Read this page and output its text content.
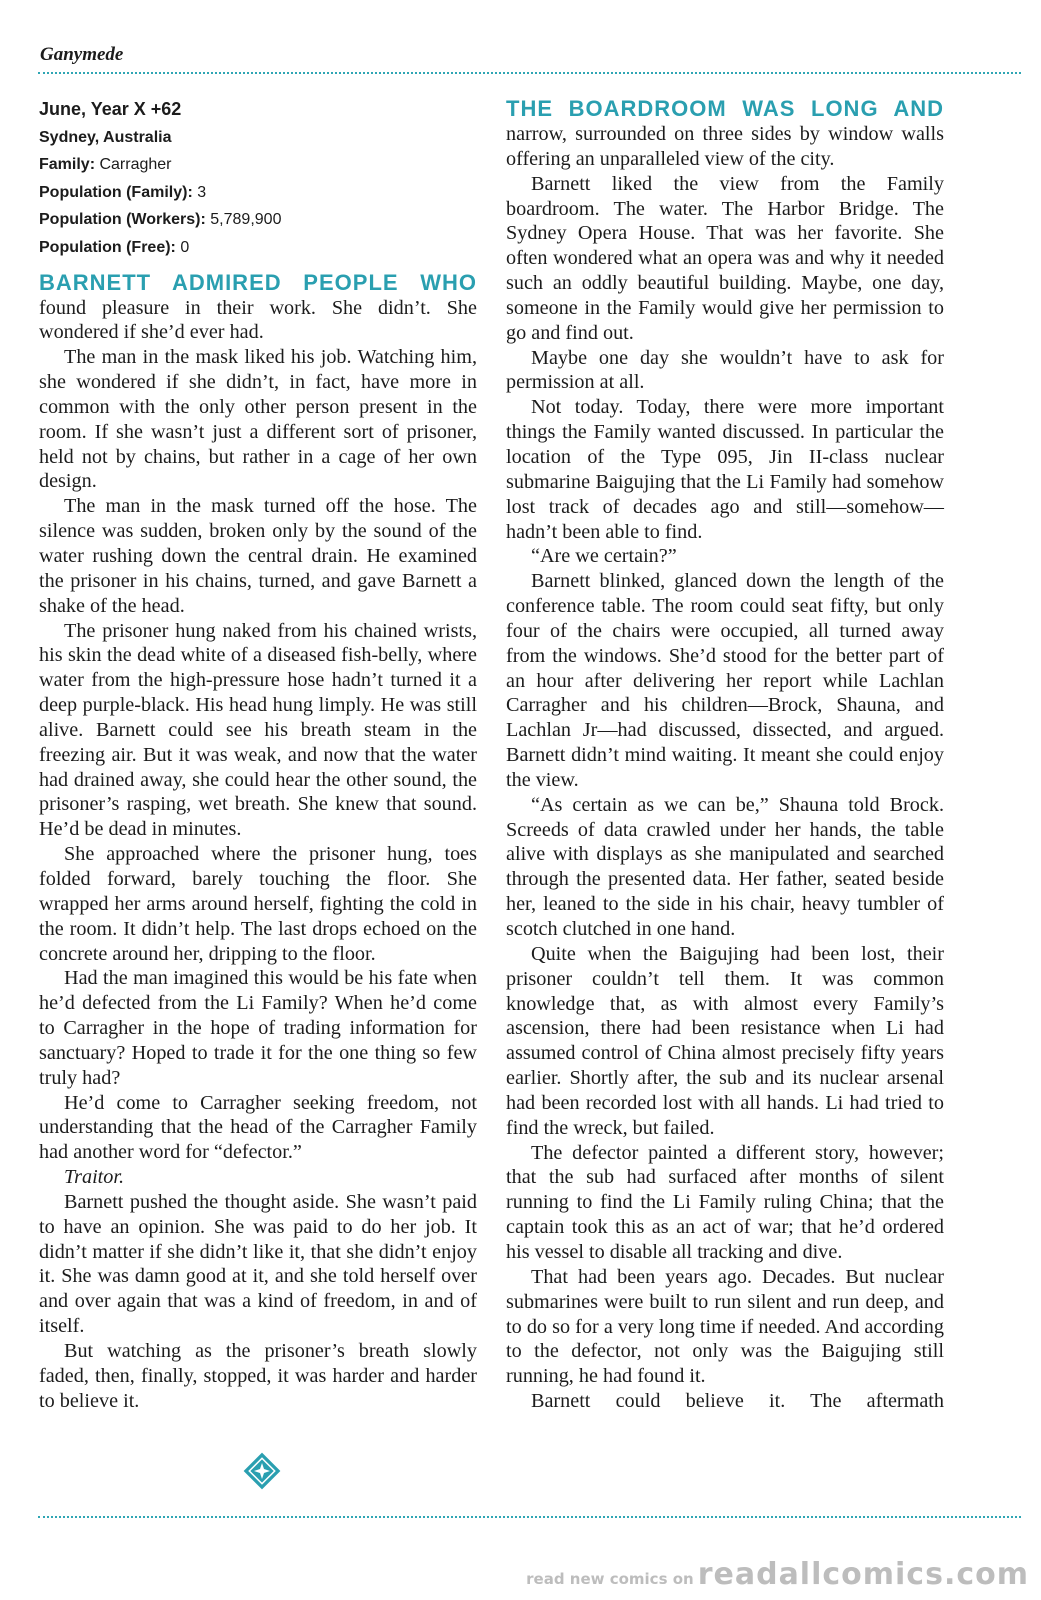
Ganymede
June, Year X +62
Sydney, Australia
Family: Carragher
Population (Family): 3
Population (Workers): 5,789,900
Population (Free): 0
BARNETT ADMIRED PEOPLE WHO

found pleasure in their work. She didn’t. She wondered if she’d ever had.

The man in the mask liked his job. Watching him, she wondered if she didn’t, in fact, have more in common with the only other person present in the room. If she wasn’t just a different sort of prisoner, held not by chains, but rather in a cage of her own design.

The man in the mask turned off the hose. The silence was sudden, broken only by the sound of the water rushing down the central drain. He examined the prisoner in his chains, turned, and gave Barnett a shake of the head.

The prisoner hung naked from his chained wrists, his skin the dead white of a diseased fish-belly, where water from the high-pressure hose hadn’t turned it a deep purple-black. His head hung limply. He was still alive. Barnett could see his breath steam in the freezing air. But it was weak, and now that the water had drained away, she could hear the other sound, the prisoner’s rasping, wet breath. She knew that sound. He’d be dead in minutes.

She approached where the prisoner hung, toes folded forward, barely touching the floor. She wrapped her arms around herself, fighting the cold in the room. It didn’t help. The last drops echoed on the concrete around her, dripping to the floor.

Had the man imagined this would be his fate when he’d defected from the Li Family? When he’d come to Carragher in the hope of trading information for sanctuary? Hoped to trade it for the one thing so few truly had?

He’d come to Carragher seeking freedom, not understanding that the head of the Carragher Family had another word for “defector.”

Traitor.

Barnett pushed the thought aside. She wasn’t paid to have an opinion. She was paid to do her job. It didn’t matter if she didn’t like it, that she didn’t enjoy it. She was damn good at it, and she told herself over and over again that was a kind of freedom, in and of itself.

But watching as the prisoner’s breath slowly faded, then, finally, stopped, it was harder and harder to believe it.

THE BOARDROOM WAS LONG AND

narrow, surrounded on three sides by window walls offering an unparalleled view of the city.

Barnett liked the view from the Family boardroom. The water. The Harbor Bridge. The Sydney Opera House. That was her favorite. She often wondered what an opera was and why it needed such an oddly beautiful building. Maybe, one day, someone in the Family would give her permission to go and find out.

Maybe one day she wouldn’t have to ask for permission at all.

Not today. Today, there were more important things the Family wanted discussed. In particular the location of the Type 095, Jin II-class nuclear submarine Baigujing that the Li Family had somehow lost track of decades ago and still—somehow—hadn’t been able to find.

“Are we certain?”

Barnett blinked, glanced down the length of the conference table. The room could seat fifty, but only four of the chairs were occupied, all turned away from the windows. She’d stood for the better part of an hour after delivering her report while Lachlan Carragher and his children—Brock, Shauna, and Lachlan Jr—had discussed, dissected, and argued. Barnett didn’t mind waiting. It meant she could enjoy the view.

“As certain as we can be,” Shauna told Brock. Screeds of data crawled under her hands, the table alive with displays as she manipulated and searched through the presented data. Her father, seated beside her, leaned to the side in his chair, heavy tumbler of scotch clutched in one hand.

Quite when the Baigujing had been lost, their prisoner couldn’t tell them. It was common knowledge that, as with almost every Family’s ascension, there had been resistance when Li had assumed control of China almost precisely fifty years earlier. Shortly after, the sub and its nuclear arsenal had been recorded lost with all hands. Li had tried to find the wreck, but failed.

The defector painted a different story, however; that the sub had surfaced after months of silent running to find the Li Family ruling China; that the captain took this as an act of war; that he’d ordered his vessel to disable all tracking and dive.

That had been years ago. Decades. But nuclear submarines were built to run silent and run deep, and to do so for a very long time if needed. And according to the defector, not only was the Baigujing still running, he had found it.

Barnett could believe it. The aftermath

read new comics on readallcomics.com
